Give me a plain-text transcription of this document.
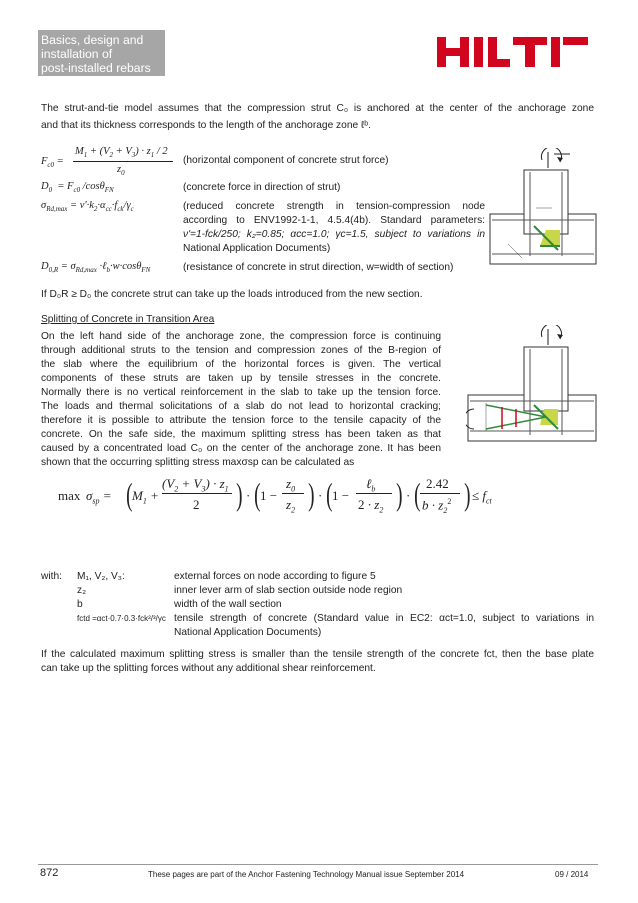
Basics, design and
installation of
post-installed rebars
The strut-and-tie model assumes that the compression strut C₀ is anchored at the center of the anchorage zone
and that its thickness corresponds to the length of the anchorage zone ℓᵇ.
$F_{c0}$ =
$M_1 + (V_2 + V_3) \cdot z_1 / 2$
$z_0$
(horizontal component of concrete strut force)
$D_0 = F_{c0}$ /cosθ$_{FN}$	(concrete force in direction of strut)
$\sigma_{Rd,max} = \nu'\cdot k_2\cdot\alpha_{cc}\cdot f_{ck}/\gamma_c$	(reduced concrete strength in tension-compression node
according to ENV1992-1-1, 4.5.4(4b). Standard parameters:
ν'=1-fck/250; k₂=0.85; αcc=1.0; γc=1.5, subject to variations in
National Application Documents)
$D_{0,R} = \sigma_{Rd,max}$ ·ℓ$_b$·w·cosθ$_{FN}$	(resistance of concrete in strut direction, w=width of section)
If D₀R ≥ D₀ the concrete strut can take up the loads introduced from the new section.
Splitting of Concrete in Transition Area
On the left hand side of the anchorage zone, the compression force is continuing
through additional struts to the tension and compression zones of the B-region of
the slab where the equilibrium of the horizontal forces is given. The vertical
components of these struts are taken up by tensile stresses in the concrete.
Normally there is no vertical reinforcement in the slab to take up the tension force.
The loads and thermal solicitations of a slab do not lead to horizontal cracking;
therefore it is possible to attribute the tension force to the tensile capacity of the
concrete. On the safe side, the maximum splitting stress has been taken as that
caused by a concentrated load C₀ on the center of the anchorage zone. It has been
shown that the occurring splitting stress maxσsp can be calculated as
$\max \sigma_{sp}$ = ( $M_1$ +
$(V_2 + V_3) \cdot z_1$
2 ) · ( 1 −
$z_0$
$z_2$ ) · ( 1 −
ℓ$_b$
$2 \cdot z_2$ ) · ( 2.42
$b \cdot z_2^2$ ) ≤ $f_{ct}$
with: M₁, V₂, V₃:	external forces on node according to figure 5
z₂	inner lever arm of slab section outside node region
b	width of the wall section
fctd =αct·0.7·0.3·fck²/³/γc tensile strength of concrete (Standard value in EC2: αct=1.0, subject to variations in
National Application Documents)
If the calculated maximum splitting stress is smaller than the tensile strength of the concrete fct, then the base plate
can take up the splitting forces without any additional shear reinforcement.
872	These pages are part of the Anchor Fastening Technology Manual issue September 2014	09 / 2014
